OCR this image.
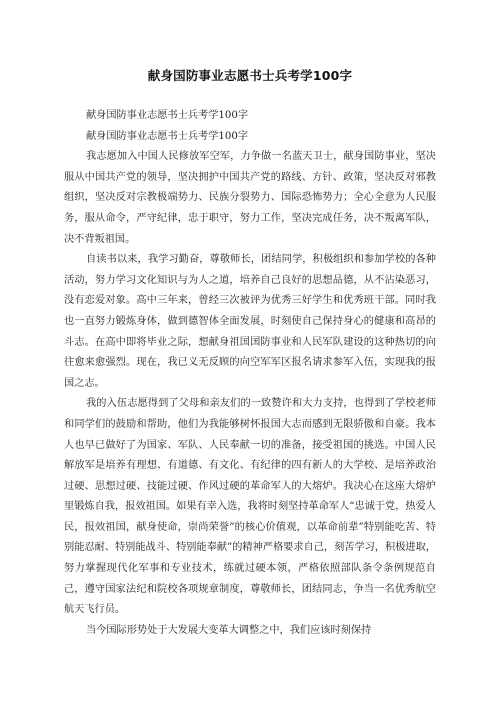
献身国防事业志愿书士兵考学100字

献身国防事业志愿书士兵考学100字

献身国防事业志愿书士兵考学100字

我志愿加入中国人民修放军空军，力争做一名蓝天卫士，献身国防事业，坚决服从中国共产党的领导，坚决拥护中国共产党的路线、方针、政策，坚决反对邪教组织，坚决反对宗教极端势力、民族分裂势力、国际恐怖势力；全心全意为人民服务，服从命令，严守纪律，忠于职守，努力工作，坚决完成任务，决不叛离军队，决不背叛祖国。

自读书以来，我学习勤奋，尊敬师长，团结同学，积极组织和参加学校的各种活动，努力学习文化知识与为人之道，培养自己良好的思想品德，从不沾染恶习，没有恋爱对象。高中三年来，曾经三次被评为优秀三好学生和优秀班干部。同时我也一直努力锻炼身体，做到德智体全面发展，时刻使自己保持身心的健康和高昂的斗志。在高中即将毕业之际，想献身祖国国防事业和人民军队建设的这种热切的向往愈来愈强烈。现在，我已义无反顾的向空军军区报名请求参军入伍，实现我的报国之志。

我的入伍志愿得到了父母和亲友们的一致赞许和大力支持，也得到了学校老师和同学们的鼓励和帮助，他们为我能够树怀报国大志而感到无限骄傲和自豪。我本人也早已做好了为国家、军队、人民奉献一切的准备，接受祖国的挑选。中国人民解放军是培养有理想、有道德、有文化、有纪律的四有新人的大学校、是培养政治过硬、思想过硬、技能过硬、作风过硬的革命军人的大熔炉。我决心在这座大熔炉里锻炼自我，报效祖国。如果有幸入选，我将时刻坚持革命军人“忠诚于党，热爱人民，报效祖国，献身使命，崇尚荣誉”的核心价值观，以革命前辈”特别能吃苦、特别能忍耐、特别能战斗、特别能奉献”的精神严格要求自己，刻苦学习，积极进取，努力掌握现代化军事和专业技术，练就过硬本领，严格依照部队条令条例规范自己，遵守国家法纪和院校各项规章制度，尊敬师长，团结同志，争当一名优秀航空航天飞行员。

当今国际形势处于大发展大变革大调整之中，我们应该时刻保持
